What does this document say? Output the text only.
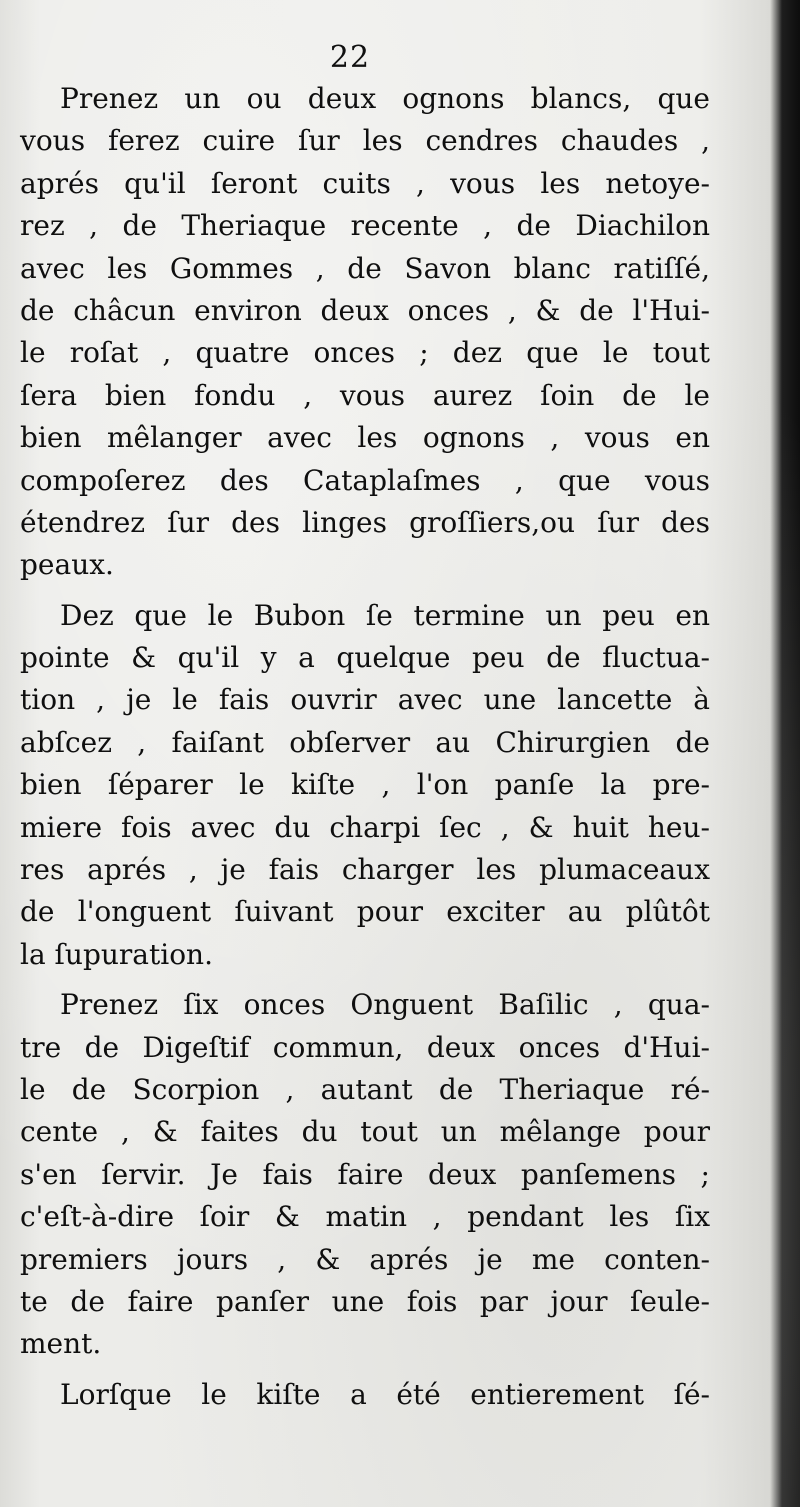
22
Prenez un ou deux ognons blancs, que
vous ferez cuire ſur les cendres chaudes ,
aprés qu'il ſeront cuits , vous les netoye-
rez , de Theriaque recente , de Diachilon
avec les Gommes , de Savon blanc ratiſſé,
de châcun environ deux onces , & de l'Hui-
le roſat , quatre onces ; dez que le tout
ſera bien fondu , vous aurez ſoin de le
bien mêlanger avec les ognons , vous en
compoſerez des Cataplaſmes , que vous
étendrez ſur des linges groſſiers,ou ſur des
peaux.
Dez que le Bubon ſe termine un peu en
pointe & qu'il y a quelque peu de fluctua-
tion , je le fais ouvrir avec une lancette à
abſcez , faiſant obſerver au Chirurgien de
bien ſéparer le kiſte , l'on panſe la pre-
miere fois avec du charpi ſec , & huit heu-
res aprés , je fais charger les plumaceaux
de l'onguent ſuivant pour exciter au plûtôt
la ſupuration.
Prenez ſix onces Onguent Baſilic , qua-
tre de Digeſtif commun, deux onces d'Hui-
le de Scorpion , autant de Theriaque ré-
cente , & faites du tout un mêlange pour
s'en ſervir. Je fais faire deux panſemens ;
c'eſt-à-dire ſoir & matin , pendant les ſix
premiers jours , & aprés je me conten-
te de faire panſer une fois par jour ſeule-
ment.
Lorſque le kiſte a été entierement ſé-
